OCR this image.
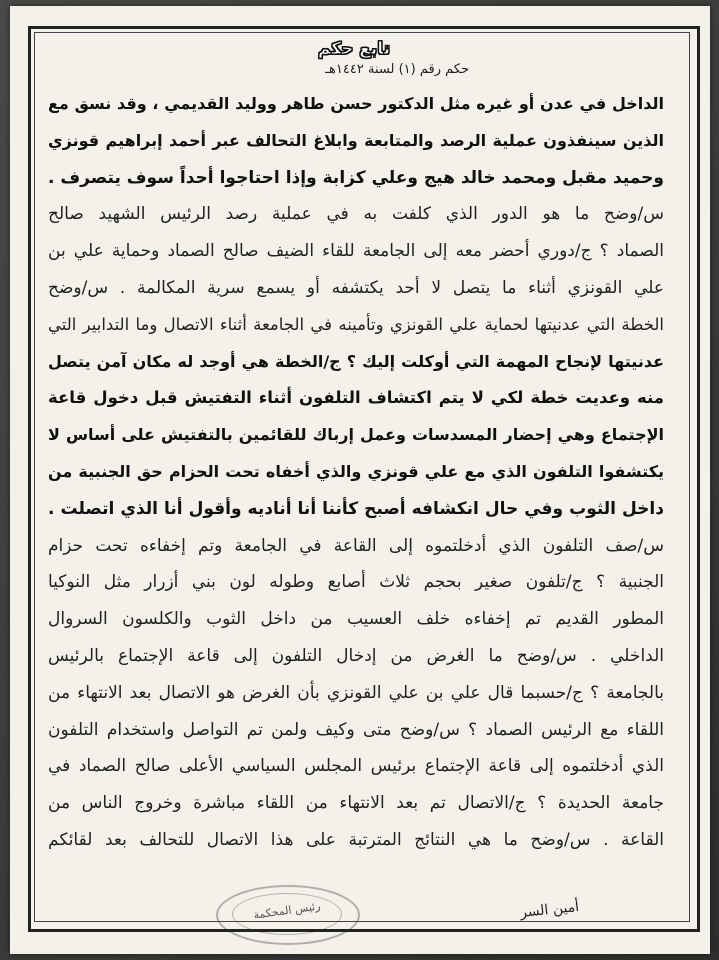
تابع حكم
حكم رقم (١) لسنة ١٤٤٢هـ
الداخل في عدن أو غيره مثل الدكتور حسن طاهر ووليد القديمي ، وقد نسق مع
الذين سينفذون عملية الرصد والمتابعة وابلاغ التحالف عبر أحمد إبراهيم قونزي
وحميد مقبل ومحمد خالد هيج وعلي كزابة وإذا احتاجوا أحداً سوف يتصرف .
س/وضح ما هو الدور الذي كلفت به في عملية رصد الرئيس الشهيد صالح
الصماد ؟ ج/دوري أحضر معه إلى الجامعة للقاء الضيف صالح الصماد وحماية علي بن
علي القونزي أثناء ما يتصل لا أحد يكتشفه أو يسمع سرية المكالمة . س/وضح
الخطة التي عدنيتها لحماية علي القونزي وتأمينه في الجامعة أثناء الاتصال وما التدابير التي
عدنيتها لإنجاح المهمة التي أوكلت إليك ؟ ج/الخطة هي أوجد له مكان آمن يتصل
منه وعديت خطة لكي لا يتم اكتشاف التلفون أثناء التفتيش قبل دخول قاعة
الإجتماع وهي إحضار المسدسات وعمل إرباك للقائمين بالتفتيش على أساس لا
يكتشفوا التلفون الذي مع علي قونزي والذي أخفاه تحت الحزام حق الجنبية من
داخل الثوب وفي حال انكشافه أصبح كأننا أنا أناديه وأقول أنا الذي اتصلت .
س/صف التلفون الذي أدخلتموه إلى القاعة في الجامعة وتم إخفاءه تحت حزام
الجنبية ؟ ج/تلفون صغير بحجم ثلاث أصابع وطوله لون بني أزرار مثل النوكيا
المطور القديم تم إخفاءه خلف العسيب من داخل الثوب والكلسون السروال
الداخلي . س/وضح ما الغرض من إدخال التلفون إلى قاعة الإجتماع بالرئيس
بالجامعة ؟ ج/حسبما قال علي بن علي القونزي بأن الغرض هو الاتصال بعد الانتهاء من
اللقاء مع الرئيس الصماد ؟ س/وضح متى وكيف ولمن تم التواصل واستخدام التلفون
الذي أدخلتموه إلى قاعة الإجتماع برئيس المجلس السياسي الأعلى صالح الصماد في
جامعة الحديدة ؟ ج/الاتصال تم بعد الانتهاء من اللقاء مباشرة وخروج الناس من
القاعة . س/وضح ما هي النتائج المترتبة على هذا الاتصال للتحالف بعد لقائكم
رئيس المحكمة	أمين السر
